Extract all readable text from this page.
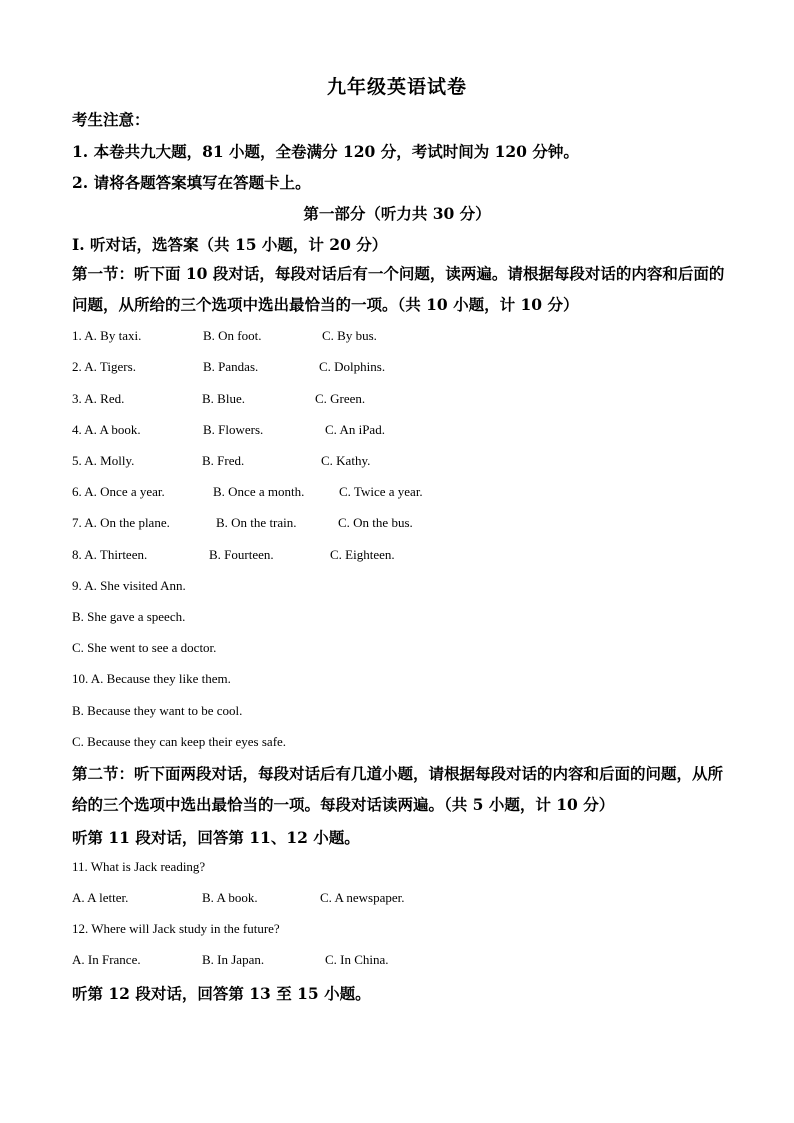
九年级英语试卷
考生注意：
1. 本卷共九大题，81 小题，全卷满分 120 分，考试时间为 120 分钟。
2. 请将各题答案填写在答题卡上。
第一部分（听力共 30 分）
I. 听对话，选答案（共 15 小题，计 20 分）
第一节：听下面 10 段对话，每段对话后有一个问题，读两遍。请根据每段对话的内容和后面的问题，从所给的三个选项中选出最恰当的一项。（共 10 小题，计 10 分）
1. A. By taxi.	B. On foot.	C. By bus.
2. A. Tigers.	B. Pandas.	C. Dolphins.
3. A. Red.	B. Blue.	C. Green.
4. A. A book.	B. Flowers.	C. An iPad.
5. A. Molly.	B. Fred.	C. Kathy.
6. A. Once a year.	B. Once a month.	C. Twice a year.
7. A. On the plane.	B. On the train.	C. On the bus.
8. A. Thirteen.	B. Fourteen.	C. Eighteen.
9. A. She visited Ann.
B. She gave a speech.
C. She went to see a doctor.
10. A. Because they like them.
B. Because they want to be cool.
C. Because they can keep their eyes safe.
第二节：听下面两段对话，每段对话后有几道小题，请根据每段对话的内容和后面的问题，从所给的三个选项中选出最恰当的一项。每段对话读两遍。（共 5 小题，计 10 分）
听第 11 段对话，回答第 11、12 小题。
11. What is Jack reading?
A. A letter.	B. A book.	C. A newspaper.
12. Where will Jack study in the future?
A. In France.	B. In Japan.	C. In China.
听第 12 段对话，回答第 13 至 15 小题。
